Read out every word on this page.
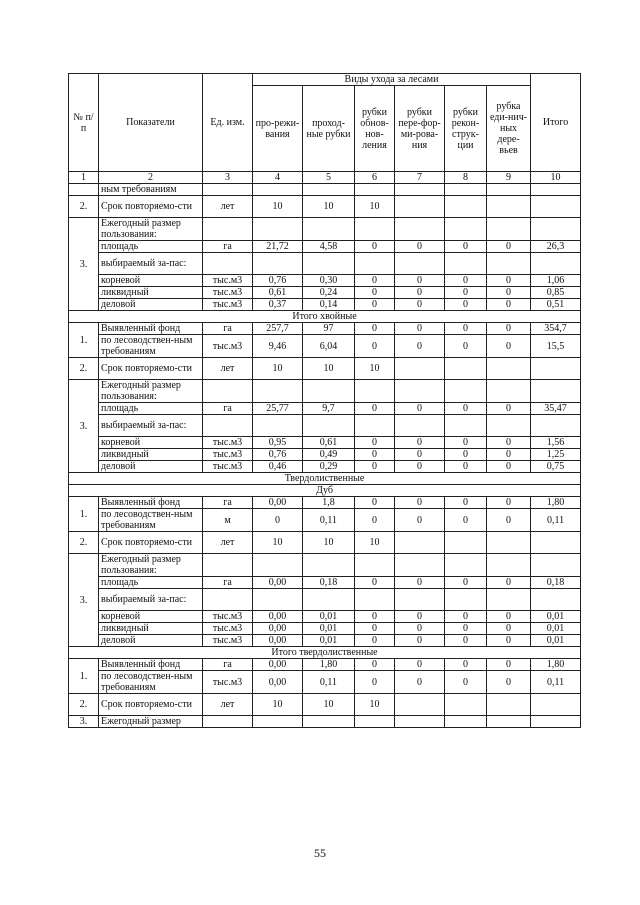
№ п/п	Показатели	Ед. изм.	Виды ухода за лесами						Итого
			про-режи-вания	проход-ные рубки	рубки обнов-нов-ления	рубки пере-фор-ми-рова-ния	рубки рекон-струк-ции	рубка еди-нич-ных дере-вьев	
1	2	3	4	5	6	7	8	9	10
	ным требованиям								
2.	Срок повторяемо-сти	лет	10	10	10				
3.	Ежегодный размер пользования:								
	площадь	га	21,72	4,58	0	0	0	0	26,3
	выбираемый за-пас:								
	корневой	тыс.м3	0,76	0,30	0	0	0	0	1,06
	ликвидный	тыс.м3	0,61	0,24	0	0	0	0	0,85
	деловой	тыс.м3	0,37	0,14	0	0	0	0	0,51
Итого хвойные									
1.	Выявленный фонд	га	257,7	97	0	0	0	0	354,7
	по лесоводствен-ным требованиям	тыс.м3	9,46	6,04	0	0	0	0	15,5
2.	Срок повторяемо-сти	лет	10	10	10				
3.	Ежегодный размер пользования:								
	площадь	га	25,77	9,7	0	0	0	0	35,47
	выбираемый за-пас:								
	корневой	тыс.м3	0,95	0,61	0	0	0	0	1,56
	ликвидный	тыс.м3	0,76	0,49	0	0	0	0	1,25
	деловой	тыс.м3	0,46	0,29	0	0	0	0	0,75
Твердолиственные									
Дуб									
1.	Выявленный фонд	га	0,00	1,8	0	0	0	0	1,80
	по лесоводствен-ным требованиям	м	0	0,11	0	0	0	0	0,11
2.	Срок повторяемо-сти	лет	10	10	10				
3.	Ежегодный размер пользования:								
	площадь	га	0,00	0,18	0	0	0	0	0,18
	выбираемый за-пас:								
	корневой	тыс.м3	0,00	0,01	0	0	0	0	0,01
	ликвидный	тыс.м3	0,00	0,01	0	0	0	0	0,01
	деловой	тыс.м3	0,00	0,01	0	0	0	0	0,01
Итого твердолиственные									
1.	Выявленный фонд	га	0,00	1,80	0	0	0	0	1,80
	по лесоводствен-ным требованиям	тыс.м3	0,00	0,11	0	0	0	0	0,11
2.	Срок повторяемо-сти	лет	10	10	10				
3.	Ежегодный размер								
55
